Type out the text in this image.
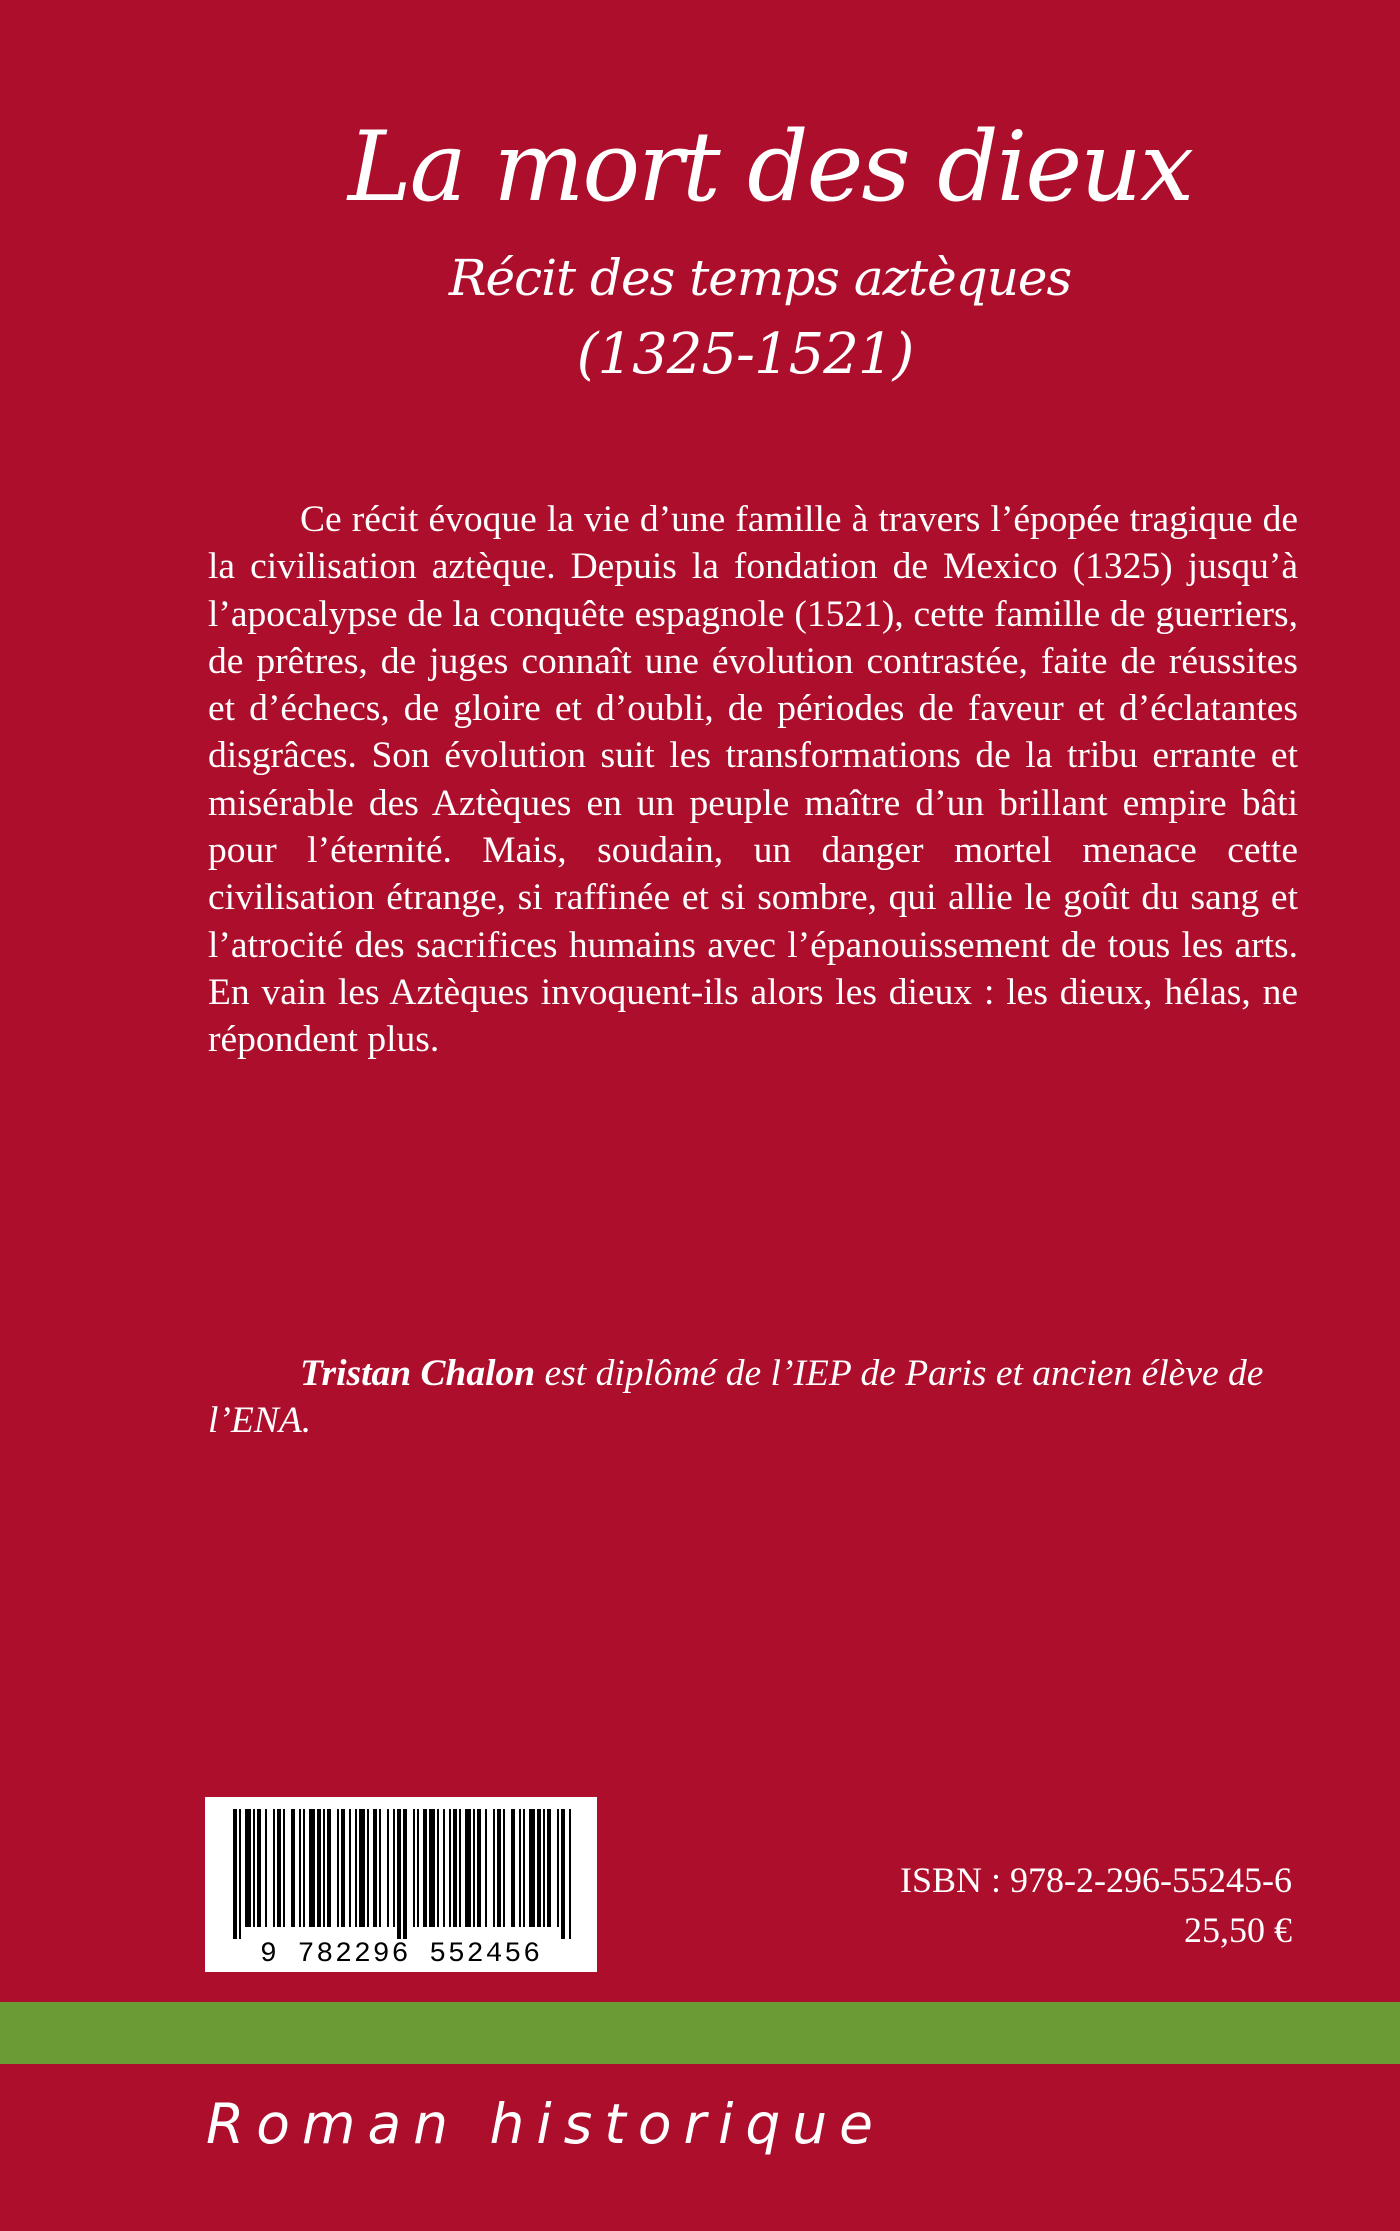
La mort des dieux
Récit des temps aztèques
(1325-1521)

Ce récit évoque la vie d’une famille à travers l’épopée tragique de la civilisation aztèque. Depuis la fondation de Mexico (1325) jusqu’à l’apocalypse de la conquête espagnole (1521), cette famille de guerriers, de prêtres, de juges connaît une évolution contrastée, faite de réussites et d’échecs, de gloire et d’oubli, de périodes de faveur et d’éclatantes disgrâces. Son évolution suit les transformations de la tribu errante et misérable des Aztèques en un peuple maître d’un brillant empire bâti pour l’éternité. Mais, soudain, un danger mortel menace cette civilisation étrange, si raffinée et si sombre, qui allie le goût du sang et l’atrocité des sacrifices humains avec l’épanouissement de tous les arts. En vain les Aztèques invoquent-ils alors les dieux : les dieux, hélas, ne répondent plus.

Tristan Chalon est diplômé de l’IEP de Paris et ancien élève de l’ENA.

9 782296 552456
ISBN : 978-2-296-55245-6
25,50 €
Roman historique
